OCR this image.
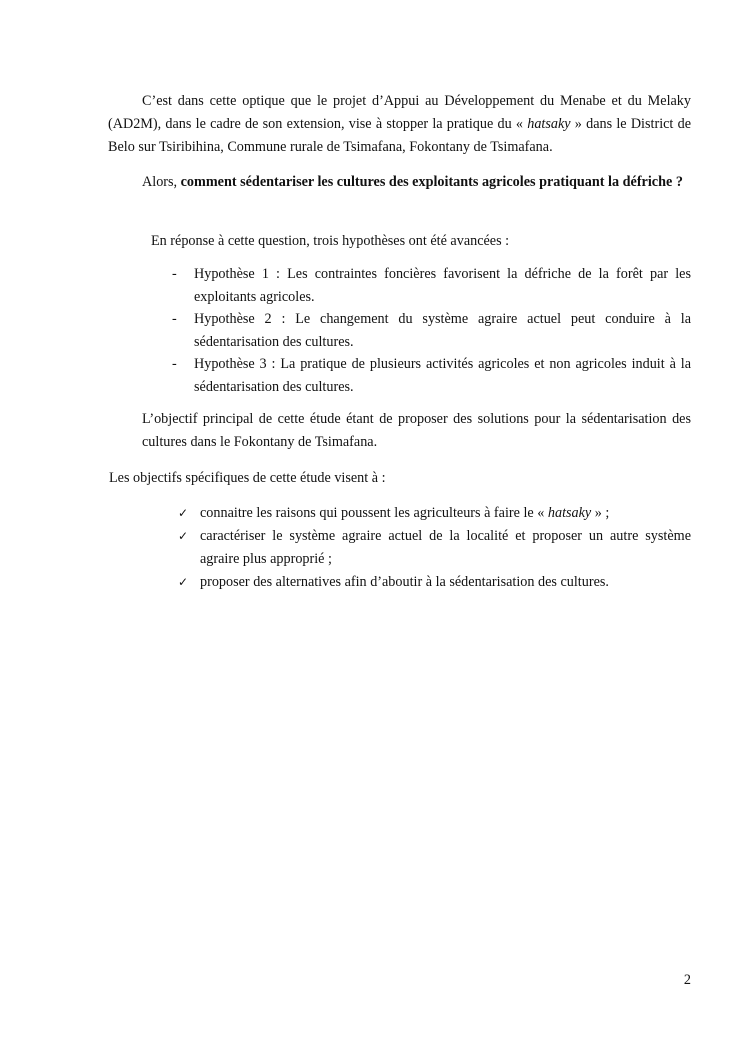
C’est dans cette optique que le projet d’Appui au Développement du Menabe et du Melaky (AD2M), dans le cadre de son extension, vise à stopper la pratique du « hatsaky » dans le District de Belo sur Tsiribihina, Commune rurale de Tsimafana, Fokontany de Tsimafana.

Alors, comment sédentariser les cultures des exploitants agricoles pratiquant la défriche ?

En réponse à cette question, trois hypothèses ont été avancées :

- Hypothèse 1 : Les contraintes foncières favorisent la défriche de la forêt par les exploitants agricoles.
- Hypothèse 2 : Le changement du système agraire actuel peut conduire à la sédentarisation des cultures.
- Hypothèse 3 : La pratique de plusieurs activités agricoles et non agricoles induit à la sédentarisation des cultures.

L’objectif principal de cette étude étant de proposer des solutions pour la sédentarisation des cultures dans le Fokontany de Tsimafana.

Les objectifs spécifiques de cette étude visent à :

✓ connaitre les raisons qui poussent les agriculteurs à faire le « hatsaky » ;
✓ caractériser le système agraire actuel de la localité et proposer un autre système agraire plus approprié ;
✓ proposer des alternatives afin d’aboutir à la sédentarisation des cultures.
2
